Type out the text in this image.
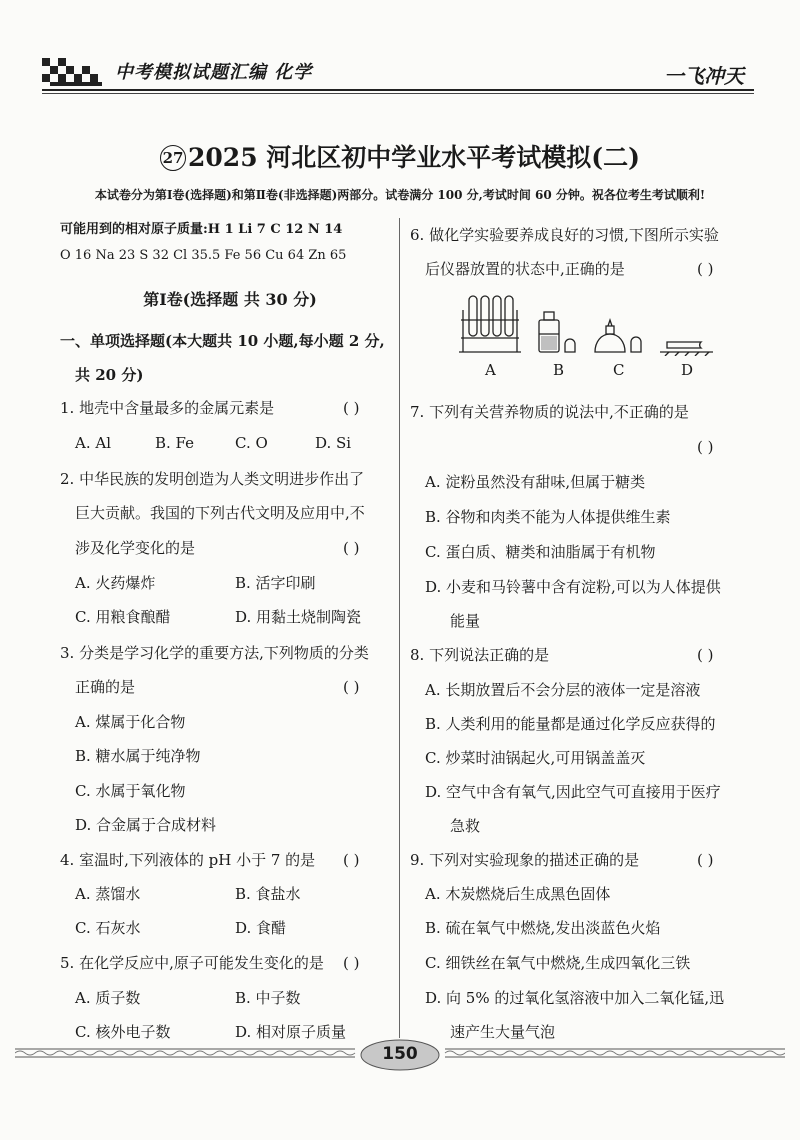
中考模拟试题汇编 化学	一飞冲天
27 2025 河北区初中学业水平考试模拟(二)
本试卷分为第Ⅰ卷(选择题)和第Ⅱ卷(非选择题)两部分。试卷满分 100 分,考试时间 60 分钟。祝各位考生考试顺利!
可能用到的相对原子质量:H 1 Li 7 C 12 N 14
O 16 Na 23 S 32 Cl 35.5 Fe 56 Cu 64 Zn 65
第Ⅰ卷(选择题 共 30 分)
一、单项选择题(本大题共 10 小题,每小题 2 分,
共 20 分)
1. 地壳中含量最多的金属元素是	( )
A. Al	B. Fe	C. O	D. Si
2. 中华民族的发明创造为人类文明进步作出了
巨大贡献。我国的下列古代文明及应用中,不
涉及化学变化的是	( )
A. 火药爆炸	B. 活字印刷
C. 用粮食酿醋	D. 用黏土烧制陶瓷
3. 分类是学习化学的重要方法,下列物质的分类
正确的是	( )
A. 煤属于化合物
B. 糖水属于纯净物
C. 水属于氧化物
D. 合金属于合成材料
4. 室温时,下列液体的 pH 小于 7 的是 ( )
A. 蒸馏水	B. 食盐水
C. 石灰水	D. 食醋
5. 在化学反应中,原子可能发生变化的是 ( )
A. 质子数	B. 中子数
C. 核外电子数	D. 相对原子质量
6. 做化学实验要养成良好的习惯,下图所示实验
后仪器放置的状态中,正确的是	( )
A	B	C	D
7. 下列有关营养物质的说法中,不正确的是
( )
A. 淀粉虽然没有甜味,但属于糖类
B. 谷物和肉类不能为人体提供维生素
C. 蛋白质、糖类和油脂属于有机物
D. 小麦和马铃薯中含有淀粉,可以为人体提供
能量
8. 下列说法正确的是	( )
A. 长期放置后不会分层的液体一定是溶液
B. 人类利用的能量都是通过化学反应获得的
C. 炒菜时油锅起火,可用锅盖盖灭
D. 空气中含有氧气,因此空气可直接用于医疗
急救
9. 下列对实验现象的描述正确的是	( )
A. 木炭燃烧后生成黑色固体
B. 硫在氧气中燃烧,发出淡蓝色火焰
C. 细铁丝在氧气中燃烧,生成四氧化三铁
D. 向 5% 的过氧化氢溶液中加入二氧化锰,迅
速产生大量气泡
150
